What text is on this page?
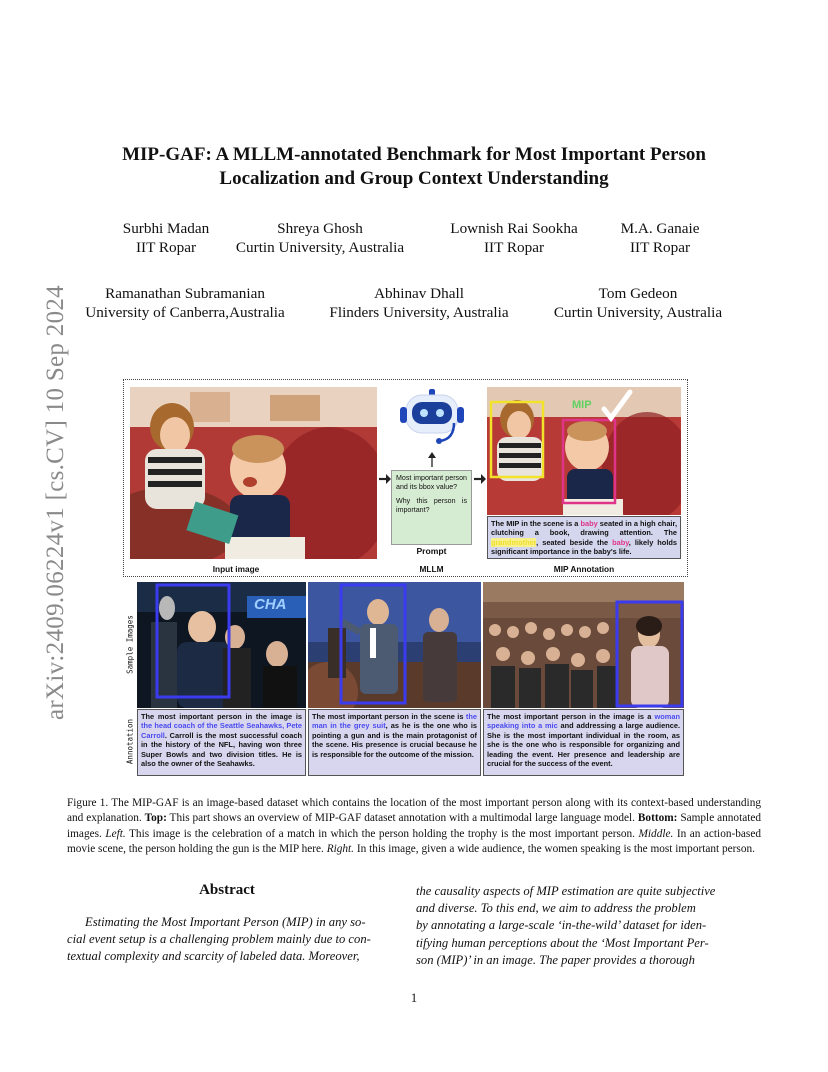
arXiv:2409.06224v1 [cs.CV] 10 Sep 2024
MIP-GAF: A MLLM-annotated Benchmark for Most Important Person
Localization and Group Context Understanding
Surbhi Madan
IIT Ropar
Shreya Ghosh
Curtin University, Australia
Lownish Rai Sookha
IIT Ropar
M.A. Ganaie
IIT Ropar
Ramanathan Subramanian
University of Canberra,Australia
Abhinav Dhall
Flinders University, Australia
Tom Gedeon
Curtin University, Australia

Most important person and its bbox value?

Why this person is important?

Prompt
MIP
The MIP in the scene is a baby seated in a high chair, clutching a book, drawing attention. The grandmother, seated beside the baby, likely holds significant importance in the baby's life.
Input image	MLLM	MIP Annotation
Sample Images
Annotation
CHA
The most important person in the image is the head coach of the Seattle Seahawks, Pete Carroll. Carroll is the most successful coach in the history of the NFL, having won three Super Bowls and two division titles. He is also the owner of the Seahawks.
The most important person in the scene is the man in the grey suit, as he is the one who is pointing a gun and is the main protagonist of the scene. His presence is crucial because he is responsible for the outcome of the mission.
The most important person in the image is a woman speaking into a mic and addressing a large audience. She is the most important individual in the room, as she is the one who is responsible for organizing and leading the event. Her presence and leadership are crucial for the success of the event.
Figure 1. The MIP-GAF is an image-based dataset which contains the location of the most important person along with its context-based understanding and explanation. Top: This part shows an overview of MIP-GAF dataset annotation with a multimodal large language model. Bottom: Sample annotated images. Left. This image is the celebration of a match in which the person holding the trophy is the most important person. Middle. In an action-based movie scene, the person holding the gun is the MIP here. Right. In this image, given a wide audience, the women speaking is the most important person.
Abstract
Estimating the Most Important Person (MIP) in any so-
cial event setup is a challenging problem mainly due to con-
textual complexity and scarcity of labeled data. Moreover,
the causality aspects of MIP estimation are quite subjective
and diverse. To this end, we aim to address the problem
by annotating a large-scale ‘in-the-wild’ dataset for iden-
tifying human perceptions about the ‘Most Important Per-
son (MIP)’ in an image. The paper provides a thorough
1
